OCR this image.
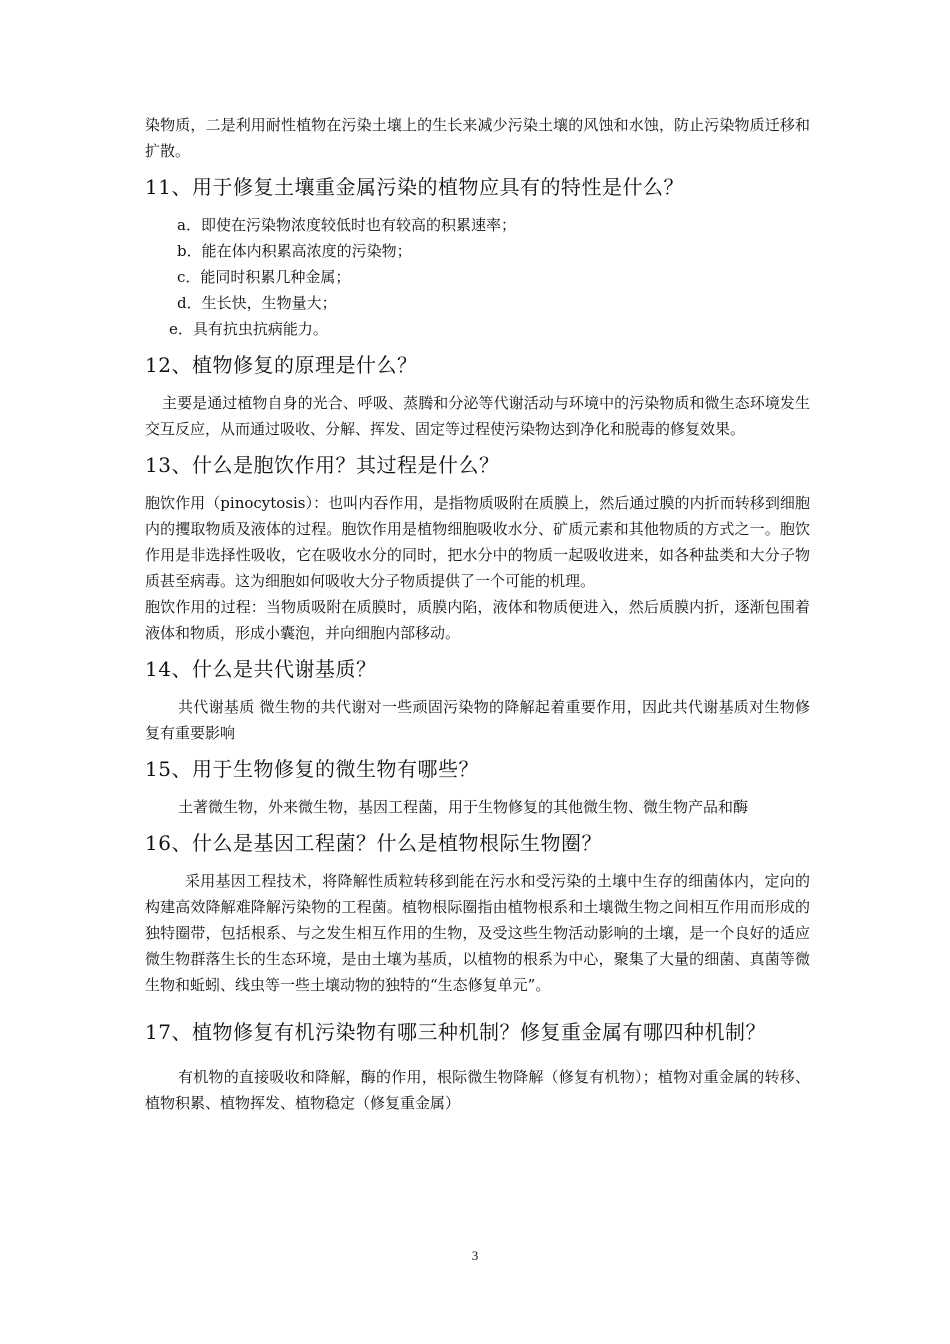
染物质，二是利用耐性植物在污染土壤上的生长来减少污染土壤的风蚀和水蚀，防止污染物质迁移和扩散。

11、用于修复土壤重金属污染的植物应具有的特性是什么？
a．即使在污染物浓度较低时也有较高的积累速率；
b．能在体内积累高浓度的污染物；
c．能同时积累几种金属；
d．生长快，生物量大；
e．具有抗虫抗病能力。
12、植物修复的原理是什么？

主要是通过植物自身的光合、呼吸、蒸腾和分泌等代谢活动与环境中的污染物质和微生态环境发生交互反应，从而通过吸收、分解、挥发、固定等过程使污染物达到净化和脱毒的修复效果。

13、什么是胞饮作用？其过程是什么？

胞饮作用（pinocytosis）：也叫内吞作用，是指物质吸附在质膜上，然后通过膜的内折而转移到细胞内的攫取物质及液体的过程。胞饮作用是植物细胞吸收水分、矿质元素和其他物质的方式之一。胞饮作用是非选择性吸收，它在吸收水分的同时，把水分中的物质一起吸收进来，如各种盐类和大分子物质甚至病毒。这为细胞如何吸收大分子物质提供了一个可能的机理。

胞饮作用的过程：当物质吸附在质膜时，质膜内陷，液体和物质便进入，然后质膜内折，逐渐包围着液体和物质，形成小囊泡，并向细胞内部移动。

14、什么是共代谢基质？

共代谢基质 微生物的共代谢对一些顽固污染物的降解起着重要作用，因此共代谢基质对生物修复有重要影响

15、用于生物修复的微生物有哪些？

土著微生物，外来微生物，基因工程菌，用于生物修复的其他微生物、微生物产品和酶

16、什么是基因工程菌？什么是植物根际生物圈？

采用基因工程技术，将降解性质粒转移到能在污水和受污染的土壤中生存的细菌体内，定向的构建高效降解难降解污染物的工程菌。植物根际圈指由植物根系和土壤微生物之间相互作用而形成的独特圈带，包括根系、与之发生相互作用的生物，及受这些生物活动影响的土壤，是一个良好的适应微生物群落生长的生态环境，是由土壤为基质，以植物的根系为中心，聚集了大量的细菌、真菌等微生物和蚯蚓、线虫等一些土壤动物的独特的“生态修复单元”。

17、植物修复有机污染物有哪三种机制？修复重金属有哪四种机制？

有机物的直接吸收和降解，酶的作用，根际微生物降解（修复有机物）；植物对重金属的转移、植物积累、植物挥发、植物稳定（修复重金属）

3
